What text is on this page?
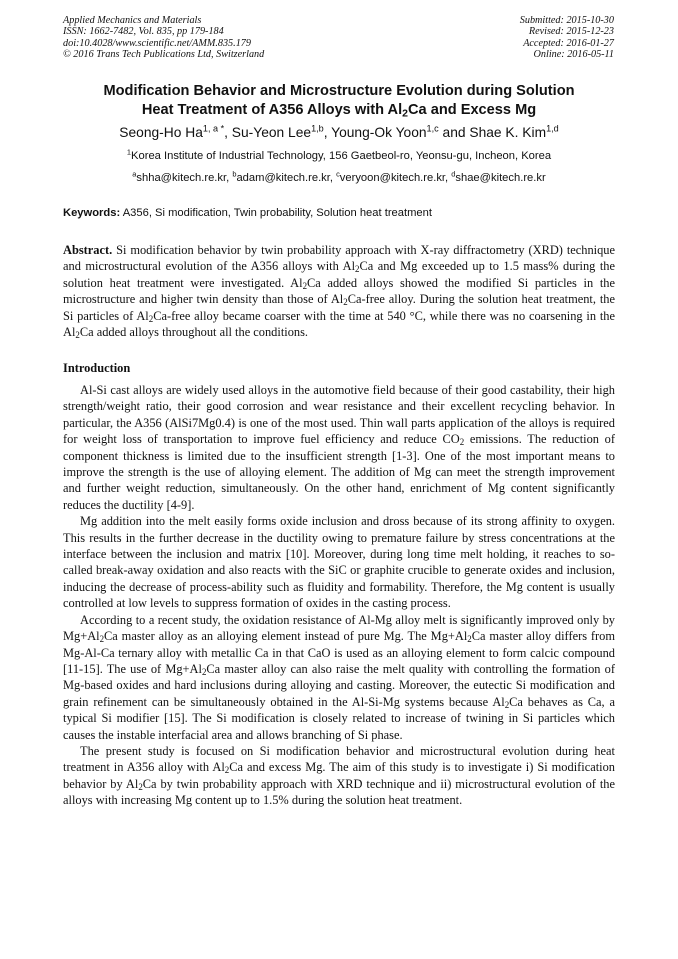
Applied Mechanics and Materials
ISSN: 1662-7482, Vol. 835, pp 179-184
doi:10.4028/www.scientific.net/AMM.835.179
© 2016 Trans Tech Publications Ltd, Switzerland
Submitted: 2015-10-30
Revised: 2015-12-23
Accepted: 2016-01-27
Online: 2016-05-11
Modification Behavior and Microstructure Evolution during Solution
Heat Treatment of A356 Alloys with $Al_2Ca$ and Excess Mg
Seong-Ho $Ha^{1, a *}$, Su-Yeon Lee$^{1,b}$, Young-Ok Yoon$^{1,c}$ and Shae K. Kim$^{1,d}$
$^1$Korea Institute of Industrial Technology, 156 Gaetbeol-ro, Yeonsu-gu, Incheon, Korea
$^a$shha@kitech.re.kr, $^b$adam@kitech.re.kr, $^c$veryoon@kitech.re.kr, $^d$shae@kitech.re.kr
Keywords: A356, Si modification, Twin probability, Solution heat treatment
Abstract. Si modification behavior by twin probability approach with X-ray diffractometry (XRD) technique and microstructural evolution of the A356 alloys with $Al_2Ca$ and Mg exceeded up to 1.5 mass% during the solution heat treatment were investigated. $Al_2Ca$ added alloys showed the modified Si particles in the microstructure and higher twin density than those of $Al_2Ca$-free alloy. During the solution heat treatment, the Si particles of $Al_2Ca$-free alloy became coarser with the time at 540 °C, while there was no coarsening in the $Al_2Ca$ added alloys throughout all the conditions.
Introduction

Al-Si cast alloys are widely used alloys in the automotive field because of their good castability, their high strength/weight ratio, their good corrosion and wear resistance and their excellent recycling behavior. In particular, the A356 (AlSi7Mg0.4) is one of the most used. Thin wall parts application of the alloys is required for weight loss of transportation to improve fuel efficiency and reduce $CO_2$ emissions. The reduction of component thickness is limited due to the insufficient strength [1-3]. One of the most important means to improve the strength is the use of alloying element. The addition of Mg can meet the strength improvement and further weight reduction, simultaneously. On the other hand, enrichment of Mg content significantly reduces the ductility [4-9].

Mg addition into the melt easily forms oxide inclusion and dross because of its strong affinity to oxygen. This results in the further decrease in the ductility owing to premature failure by stress concentrations at the interface between the inclusion and matrix [10]. Moreover, during long time melt holding, it reaches to so-called break-away oxidation and also reacts with the SiC or graphite crucible to generate oxides and inclusion, inducing the decrease of process-ability such as fluidity and formability. Therefore, the Mg content is usually controlled at low levels to suppress formation of oxides in the casting process.

According to a recent study, the oxidation resistance of Al-Mg alloy melt is significantly improved only by $Mg+Al_2Ca$ master alloy as an alloying element instead of pure Mg. The $Mg+Al_2Ca$ master alloy differs from Mg-Al-Ca ternary alloy with metallic Ca in that CaO is used as an alloying element to form calcic compound [11-15]. The use of $Mg+Al_2Ca$ master alloy can also raise the melt quality with controlling the formation of Mg-based oxides and hard inclusions during alloying and casting. Moreover, the eutectic Si modification and grain refinement can be simultaneously obtained in the Al-Si-Mg systems because $Al_2Ca$ behaves as Ca, a typical Si modifier [15]. The Si modification is closely related to increase of twining in Si particles which causes the instable interfacial area and allows branching of Si phase.

The present study is focused on Si modification behavior and microstructural evolution during heat treatment in A356 alloy with $Al_2Ca$ and excess Mg. The aim of this study is to investigate i) Si modification behavior by $Al_2Ca$ by twin probability approach with XRD technique and ii) microstructural evolution of the alloys with increasing Mg content up to 1.5% during the solution heat treatment.
